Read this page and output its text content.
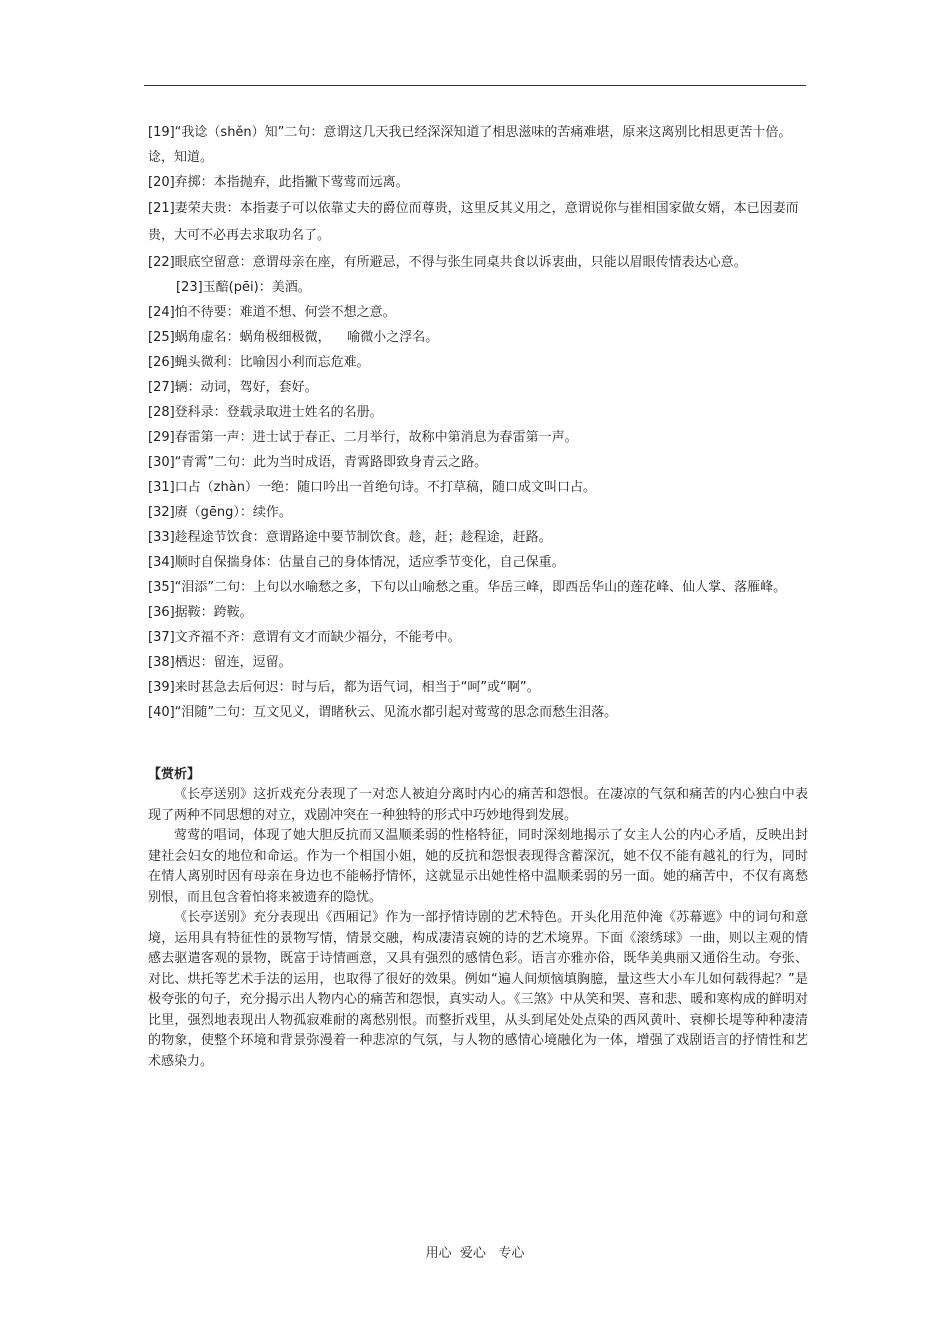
[19]“我谂（shěn）知”二句：意谓这几天我已经深深知道了相思滋味的苦痛难堪，原来这离别比相思更苦十倍。谂，知道。

[20]弃掷：本指抛弃，此指撇下莺莺而远离。

[21]妻荣夫贵：本指妻子可以依靠丈夫的爵位而尊贵，这里反其义用之，意谓说你与崔相国家做女婿，本已因妻而贵，大可不必再去求取功名了。

[22]眼底空留意：意谓母亲在座，有所避忌，不得与张生同桌共食以诉衷曲，只能以眉眼传情表达心意。

[23]玉醅(pēi)：美酒。

[24]怕不待要：难道不想、何尝不想之意。

[25]蜗角虚名：蜗角极细极微，    喻微小之浮名。

[26]蝇头微利：比喻因小利而忘危难。

[27]辆：动词，驾好，套好。

[28]登科录：登载录取进士姓名的名册。

[29]春雷第一声：进士试于春正、二月举行，故称中第消息为春雷第一声。

[30]“青霄”二句：此为当时成语，青霄路即致身青云之路。

[31]口占（zhàn）一绝：随口吟出一首绝句诗。不打草稿，随口成文叫口占。

[32]赓（gēng）：续作。

[33]趁程途节饮食：意谓路途中要节制饮食。趁，赶；趁程途，赶路。

[34]顺时自保揣身体：估量自己的身体情况，适应季节变化，自己保重。

[35]“泪添”二句：上句以水喻愁之多，下句以山喻愁之重。华岳三峰，即西岳华山的莲花峰、仙人掌、落雁峰。

[36]据鞍：跨鞍。

[37]文齐福不齐：意谓有文才而缺少福分，不能考中。

[38]栖迟：留连，逗留。

[39]来时甚急去后何迟：时与后，都为语气词，相当于“呵”或“啊”。

[40]“泪随”二句：互文见义，谓睹秋云、见流水都引起对莺莺的思念而愁生泪落。

【赏析】

《长亭送别》这折戏充分表现了一对恋人被迫分离时内心的痛苦和怨恨。在凄凉的气氛和痛苦的内心独白中表现了两种不同思想的对立，戏剧冲突在一种独特的形式中巧妙地得到发展。

莺莺的唱词，体现了她大胆反抗而又温顺柔弱的性格特征，同时深刻地揭示了女主人公的内心矛盾，反映出封建社会妇女的地位和命运。作为一个相国小姐，她的反抗和怨恨表现得含蓄深沉，她不仅不能有越礼的行为，同时在情人离别时因有母亲在身边也不能畅抒情怀，这就显示出她性格中温顺柔弱的另一面。她的痛苦中，不仅有离愁别恨，而且包含着怕将来被遗弃的隐忧。

《长亭送别》充分表现出《西厢记》作为一部抒情诗剧的艺术特色。开头化用范仲淹《苏幕遮》中的词句和意境，运用具有特征性的景物写情，情景交融，构成凄清哀婉的诗的艺术境界。下面《滚绣球》一曲，则以主观的情感去驱遣客观的景物，既富于诗情画意，又具有强烈的感情色彩。语言亦雅亦俗，既华美典丽又通俗生动。夸张、对比、烘托等艺术手法的运用，也取得了很好的效果。例如“遍人间烦恼填胸臆，量这些大小车儿如何载得起？”是极夸张的句子，充分揭示出人物内心的痛苦和怨恨，真实动人。《三煞》中从笑和哭、喜和悲、暖和寒构成的鲜明对比里，强烈地表现出人物孤寂难耐的离愁别恨。而整折戏里，从头到尾处处点染的西风黄叶、衰柳长堤等种种凄清的物象，使整个环境和背景弥漫着一种悲凉的气氛，与人物的感情心境融化为一体，增强了戏剧语言的抒情性和艺术感染力。

用心  爱心   专心
